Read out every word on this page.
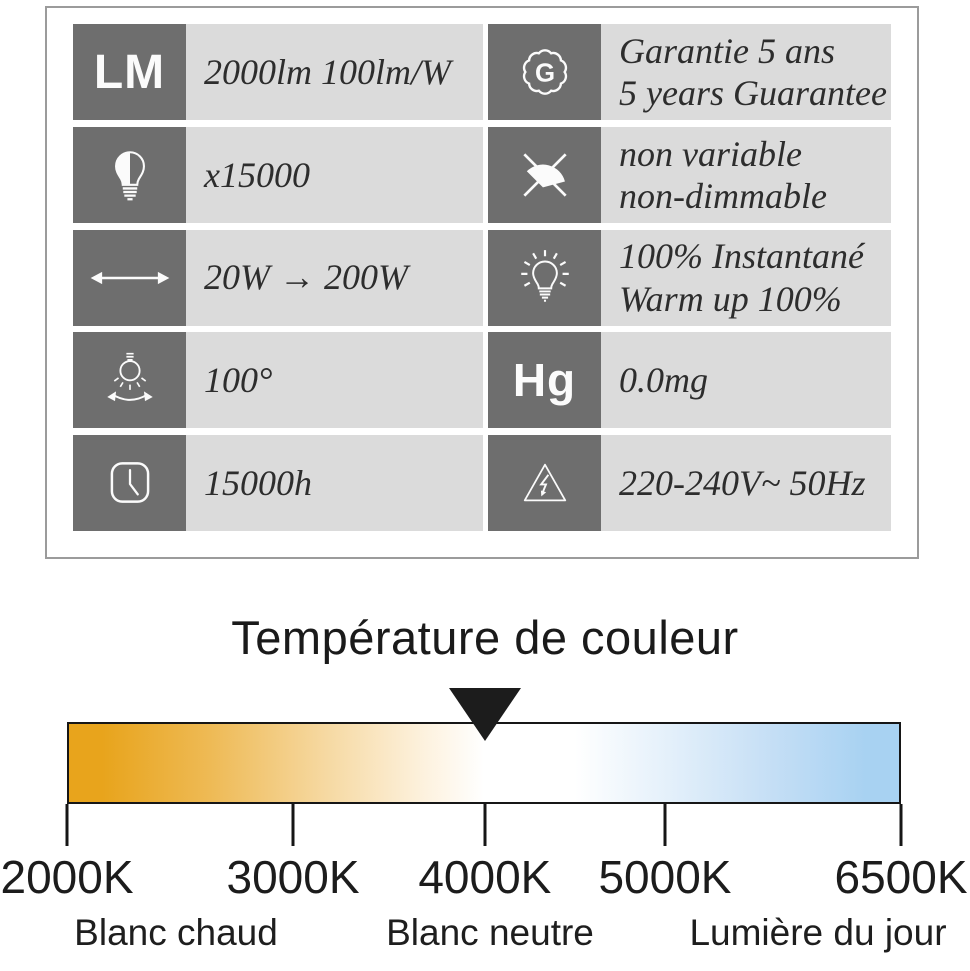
LM 2000lm 100lm/W	G
Garantie 5 ans
5 years Guarantee
x15000
non variable
non-dimmable
20W → 200W
100% Instantané
Warm up 100%
100°	Hg 0.0mg
15000h	220-240V~ 50Hz
Température de couleur
2000K 3000K 4000K 5000K 6500K
Blanc chaud	Blanc neutre	Lumière du jour
